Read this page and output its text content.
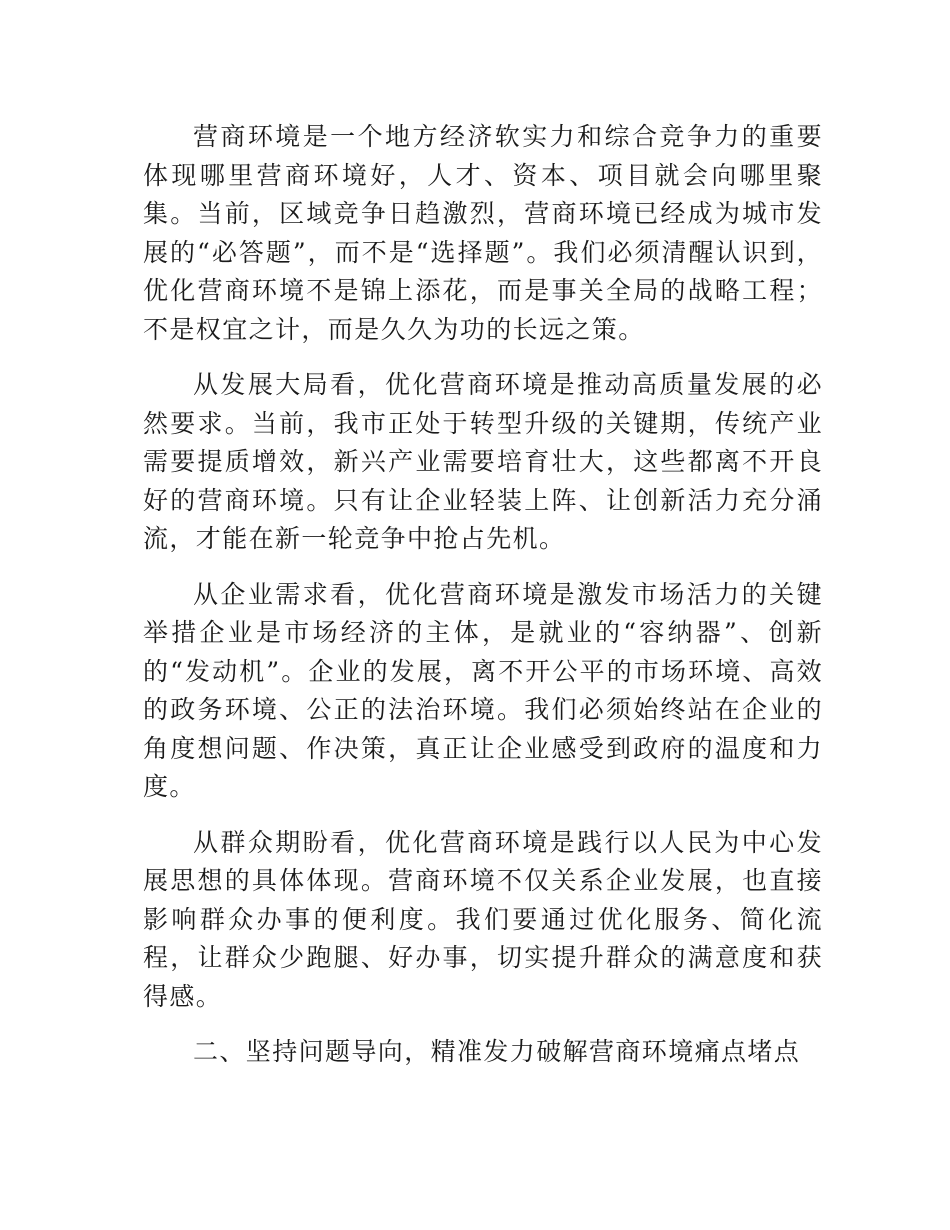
营商环境是一个地方经济软实力和综合竞争力的重要体现哪里营商环境好，人才、资本、项目就会向哪里聚集。当前，区域竞争日趋激烈，营商环境已经成为城市发展的“必答题”，而不是“选择题”。我们必须清醒认识到，优化营商环境不是锦上添花，而是事关全局的战略工程；不是权宜之计，而是久久为功的长远之策。

从发展大局看，优化营商环境是推动高质量发展的必然要求。当前，我市正处于转型升级的关键期，传统产业需要提质增效，新兴产业需要培育壮大，这些都离不开良好的营商环境。只有让企业轻装上阵、让创新活力充分涌流，才能在新一轮竞争中抢占先机。

从企业需求看，优化营商环境是激发市场活力的关键举措企业是市场经济的主体，是就业的“容纳器”、创新的“发动机”。企业的发展，离不开公平的市场环境、高效的政务环境、公正的法治环境。我们必须始终站在企业的角度想问题、作决策，真正让企业感受到政府的温度和力度。

从群众期盼看，优化营商环境是践行以人民为中心发展思想的具体体现。营商环境不仅关系企业发展，也直接影响群众办事的便利度。我们要通过优化服务、简化流程，让群众少跑腿、好办事，切实提升群众的满意度和获得感。

二、坚持问题导向，精准发力破解营商环境痛点堵点
